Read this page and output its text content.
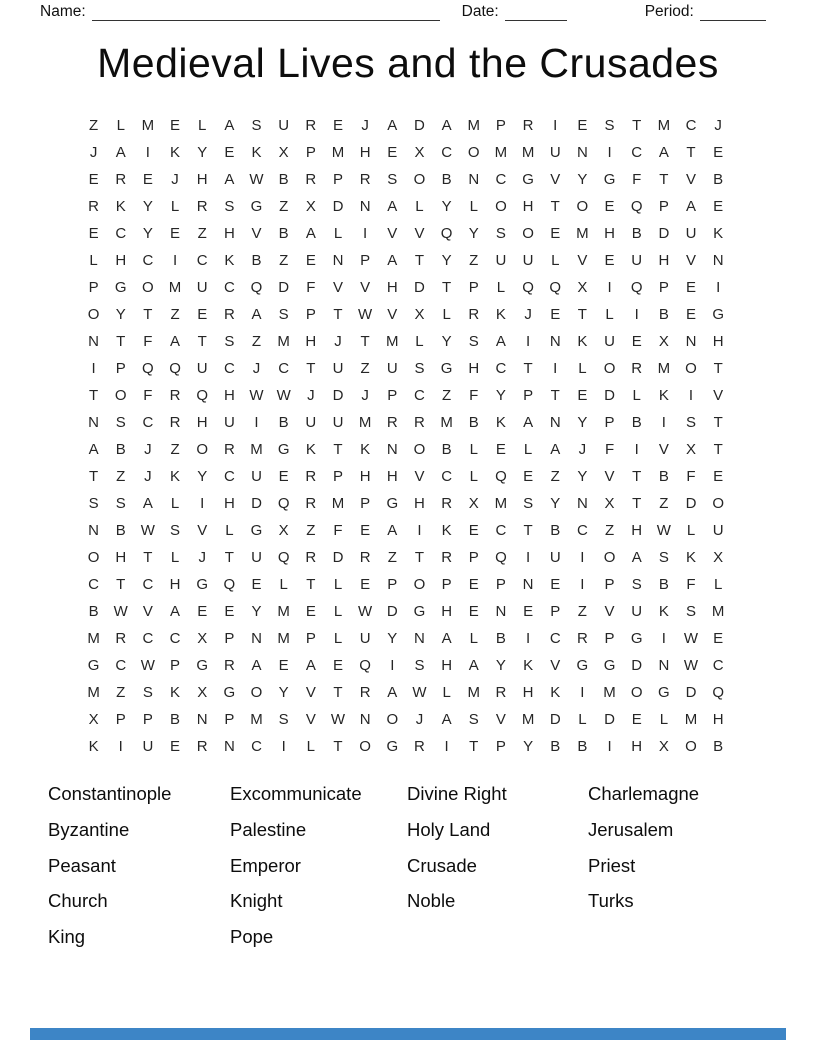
Name:	Date:	Period:
Medieval Lives and the Crusades
Z	L	M	E	L	A	S	U	R	E	J	A	D	A	M	P	R	I	E	S	T	M	C	J
J	A	I	K	Y	E	K	X	P	M	H	E	X	C	O	M M	U	N	I	C	A	T	E
E	R	E	J	H	A	W	B	R	P	R	S	O	B	N	C	G	V	Y	G	F	T	V	B
R	K	Y	L	R	S	G	Z	X	D	N	A	L	Y	L	O	H	T	O	E	Q	P	A	E
E	C	Y	E	Z	H	V	B	A	L	I	V	V	Q	Y	S	O	E	M	H	B	D	U	K
L	H	C	I	C	K	B	Z	E	N	P	A	T	Y	Z	U	U	L	V	E	U	H	V	N
P	G	O	M	U	C	Q	D	F	V	V	H	D	T	P	L	Q	Q	X	I	Q	P	E	I
O	Y	T	Z	E	R	A	S	P	T	W	V	X	L	R	K	J	E	T	L	I	B	E	G
N	T	F	A	T	S	Z	M	H	J	T	M	L	Y	S	A	I	N	K	U	E	X	N	H
I	P	Q	Q	U	C	J	C	T	U	Z	U	S	G	H	C	T	I	L	O	R	M	O	T
T	O	F	R	Q	H W W	J	D	J	P	C	Z	F	Y	P	T	E	D	L	K	I	V
N	S	C	R	H	U	I	B	U	U	M	R	R	M	B	K	A	N	Y	P	B	I	S	T
A	B	J	Z	O	R	M	G	K	T	K	N	O	B	L	E	L	A	J	F	I	V	X	T
T	Z	J	K	Y	C	U	E	R	P	H	H	V	C	L	Q	E	Z	Y	V	T	B	F	E
S	S	A	L	I	H	D	Q	R	M	P	G	H	R	X	M	S	Y	N	X	T	Z	D	O
N	B	W	S	V	L	G	X	Z	F	E	A	I	K	E	C	T	B	C	Z	H W	L	U
O	H	T	L	J	T	U	Q	R	D	R	Z	T	R	P	Q	I	U	I	O	A	S	K	X
C	T	C	H	G	Q	E	L	T	L	E	P	O	P	E	P	N	E	I	P	S	B	F	L
B	W	V	A	E	E	Y	M	E	L	W D	G	H	E	N	E	P	Z	V	U	K	S	M
M	R	C	C	X	P	N	M	P	L	U	Y	N	A	L	B	I	C	R	P	G	I	W	E
G	C W	P	G	R	A	E	A	E	Q	I	S	H	A	Y	K	V	G	G	D	N W C
M	Z	S	K	X	G	O	Y	V	T	R	A	W	L	M	R	H	K	I	M	O	G	D	Q
X	P	P	B	N	P	M	S	V	W N	O	J	A	S	V	M	D	L	D	E	L	M	H
K	I	U	E	R	N	C	I	L	T	O	G	R	I	T	P	Y	B	B	I	H	X	O	B
Constantinople
Byzantine
Peasant
Church
King
Excommunicate
Palestine
Emperor
Knight
Pope
Divine Right
Holy Land
Crusade
Noble
Charlemagne
Jerusalem
Priest
Turks
